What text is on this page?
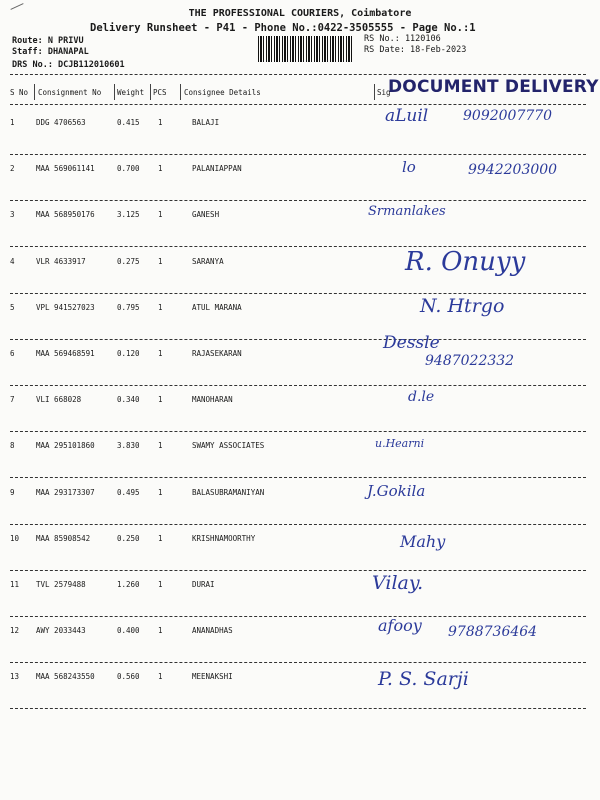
THE PROFESSIONAL COURIERS, Coimbatore
Delivery Runsheet - P41 - Phone No.:0422-3505555 - Page No.:1
Route: N PRIVU
Staff: DHANAPAL
DRS No.: DCJB112010601
RS No.: 1120106
RS Date: 18-Feb-2023
S No Consignment No Weight PCS Consignee Details	Sig
DOCUMENT DELIVERY
1	DDG 4706563	0.415 1	BALAJI	aLuil 9092007770
2	MAA 569061141	0.700 1	PALANIAPPAN	lo	9942203000
3	MAA 568950176	3.125 1	GANESH	Srmanlakes
4	VLR 4633917	0.275 1	SARANYA	R. Onuyy
5	VPL 941527023	0.795 1	ATUL MARANA	N. Htrgo
6	MAA 569468591	0.120 1	RAJASEKARAN
Dessle
9487022332
7	VLI 668028	0.340 1	MANOHARAN	d.le
8	MAA 295101860	3.830 1	SWAMY ASSOCIATES	u.Hearni
9	MAA 293173307	0.495 1	BALASUBRAMANIYAN	J.Gokila
10 MAA 85908542	0.250 1	KRISHNAMOORTHY	Mahy
11 TVL 2579488	1.260 1	DURAI	Vilay.
12 AWY 2033443	0.400 1	ANANADHAS	afooy 9788736464
13 MAA 568243550	0.560 1	MEENAKSHI	P. S. Sarji
